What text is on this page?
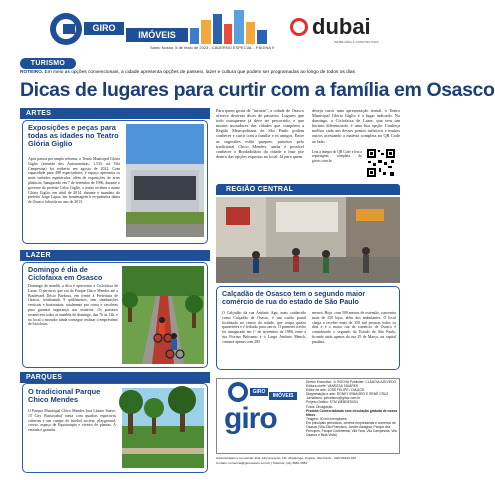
GIRO
IMÓVEIS
Santo Nossa, 5 de maio de 2023 - CADERNO ESPECIAL - PÁGINA 9
dubai
IMOBILIÁRIA & CONSTRUTORA
TURISMO
ROTEIRO. Em meio as opções convencionais, a cidade apresenta opções de passeio, lazer e cultura que podem ser programadas ao longo de todos os dias
Dicas de lugares para curtir com a família em Osasco
ARTES
Exposições e peças para todas as idades no Teatro Glória Giglio
Após passar por ampla reforma, o Teatro Municipal Glória Giglio (avenida dos Autonomistas, 1.533, na Vila Campesina) foi reaberto em agosto de 2022. Com capacidade para 498 espectadores, é espaço apresenta os mais variados espetáculos, além de exposições de artes plásticas. Inaugurado em 7 de setembro de 1996, durante o governo do prefeito Celso Giglio, o teatro recebeu o nome Glória Giglio, em abril de 2014, durante o mandato do prefeito Jorge Lapas, em homenagem à ex-primeira dama de Osasco falecida no ano de 2013.
Para quem gosta de "turistar", a cidade de Osasco oferece diversas dicas de passeios. Lugares que todo osasquense já deve ter percorrido, e que muitos moradores das cidades que compõem a Região Metropolitana de São Paulo podem conhecer e curtir com a família e os amigos. Entre as sugestões estão parques, passeios pelo tradicional Chico Mendes, ainda é possível conhecer o Bordadolário da cidade e fruir por dentro das opções expostas no local. Já para quem
deseja curtir uma apresentação teatral, o Teatro Municipal Glória Giglio é o lugar indicado. No domingo, a Ciclofaixa de Lazer, que tem um horário diferenciado, é uma boa opção. Conheça melhor cada um desses pontos turísticos e muitos outros acessando a matéria completa no QR Code ao lado.
Leia a íntegra do QR Code e leia a reportagem completa do girosc.com.br
REGIÃO CENTRAL
Calçadão de Osasco tem o segundo maior comércio de rua do estado de São Paulo
O Calçadão da rua Antônio Agu, mais conhecido como Calçadão de Osasco, é um cartão postal localizado no centro da cidade, que ocupa quatro quarteirões e é fechado para carros. O primeiro trecho foi inaugurado em 1º de novembro de 1986, entre a rua Fiorino Beltramo e o Largo Antônio Menck, contava apenas com 285
metros. Hoje, com 500 metros de extensão, concentra mais de 250 lojas, além dos ambulantes. O local chega a receber mais de 350 mil pessoas todos os dias e é o maior rua de comércio de Osasco é considerado o segundo do Estado de São Paulo, ficando atrás apenas da rua 25 de Março, na capital paulista.
LAZER
Domingo é dia de Ciclofaixa em Osasco
Domingo de manhã, a dica é aproveitar a Ciclofaixa de Lazer. O percurso que vai do Parque Chico Mendes até a Boulevard Décio Barbosa, em frente à Prefeitura de Osasco, totalizando 9 quilômetros, tem sinalizações verticais e horizontais, totalmente por conta e cavaletes para garantir segurança aos usuários. Os passeios acontecem todos as manhãs de domingo, das 7h às 12h, e no local o morador ainda consegue realizar o empréstimo de bicicletas.
PARQUES
O tradicional Parque Chico Mendes
O Parque Municipal Chico Mendes (rua Lázaro Suave, 15 City Bussocaba) conta com quadras esportivas cobertas e um campo de futebol society, playground, coreto, espaço de Equoterapia e viveiro de plantas. A entrada é gratuita.
GIRO
IMÓVEIS
giro
Diretor Executivo: JL ROCHA Publisher: CLÁUDIA AZEVEDO
Editora-chefe: VANESSA TAVARES
Editor de arte: JOSÉ FELIPE / DIAGOS
Diagramação e arte: RONEY IRMAGRO E RENÊ CRUZ
Jornalismo: jornalismo@giroc.com.br
Projeto Gráfico: KTM WEBDESIGN
Fotos: Divulgação
Produto Comercializado com circulação gratuita de nossa filtros
Tiragem: 30 mil exemplares
Em principais periódicos, centros empresariais e comércio de Osasco (Vila São Francisco, Jardim Adalgisa, Parque dos Príncipes, Parque Continental, Vila Yara, Vila Campesina, Vila Osasco e Bela Vista)
Administração e Comercial: Rua Julio Azevedo, 111, Piratininga, Osasco, São Paulo - CEP 06230-018
Contato: comercial@giroosasco.com.br | Telefone: (11) 3682-3084
